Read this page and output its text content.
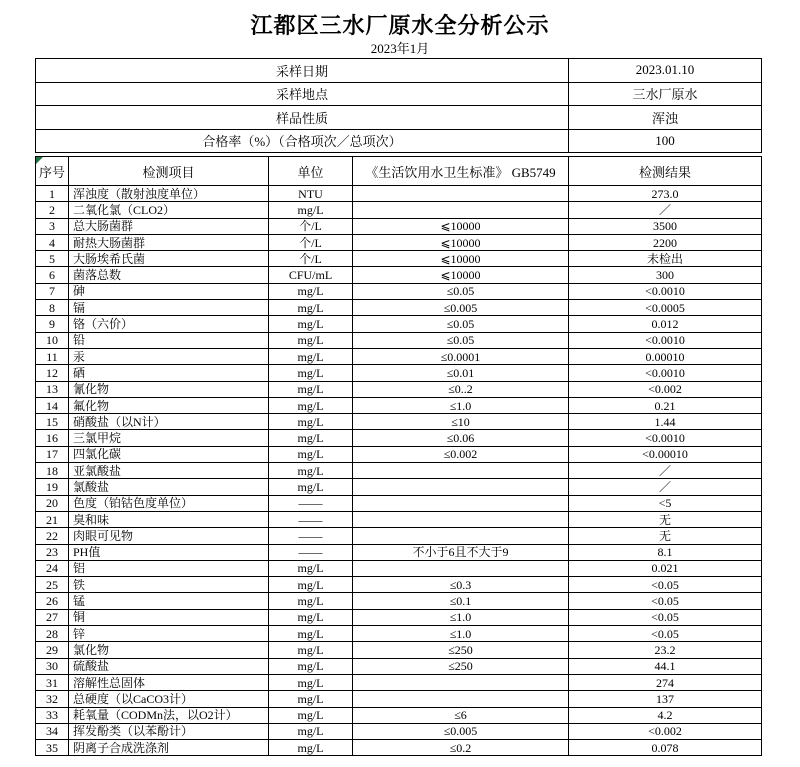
江都区三水厂原水全分析公示
2023年1月
采样日期	2023.01.10
采样地点	三水厂原水
样品性质	浑浊
合格率（%）（合格项次／总项次）	100
序号	检测项目	单位	《生活饮用水卫生标准》 GB5749	检测结果
1	浑浊度（散射浊度单位）	NTU		273.0
2	二氧化氯（CLO2）	mg/L		／
3	总大肠菌群	个/L	⩽10000	3500
4	耐热大肠菌群	个/L	⩽10000	2200
5	大肠埃希氏菌	个/L	⩽10000	未检出
6	菌落总数	CFU/mL	⩽10000	300
7	砷	mg/L	≤0.05	<0.0010
8	镉	mg/L	≤0.005	<0.0005
9	铬（六价）	mg/L	≤0.05	0.012
10	铅	mg/L	≤0.05	<0.0010
11	汞	mg/L	≤0.0001	0.00010
12	硒	mg/L	≤0.01	<0.0010
13	氰化物	mg/L	≤0..2	<0.002
14	氟化物	mg/L	≤1.0	0.21
15	硝酸盐（以N计）	mg/L	≤10	1.44
16	三氯甲烷	mg/L	≤0.06	<0.0010
17	四氯化碳	mg/L	≤0.002	<0.00010
18	亚氯酸盐	mg/L		／
19	氯酸盐	mg/L		／
20	色度（铂钴色度单位）	——		<5
21	臭和味	——		无
22	肉眼可见物	——		无
23	PH值	——	不小于6且不大于9	8.1
24	铝	mg/L		0.021
25	铁	mg/L	≤0.3	<0.05
26	锰	mg/L	≤0.1	<0.05
27	铜	mg/L	≤1.0	<0.05
28	锌	mg/L	≤1.0	<0.05
29	氯化物	mg/L	≤250	23.2
30	硫酸盐	mg/L	≤250	44.1
31	溶解性总固体	mg/L		274
32	总硬度（以CaCO3计）	mg/L		137
33	耗氧量（CODMn法，以O2计）	mg/L	≤6	4.2
34	挥发酚类（以苯酚计）	mg/L	≤0.005	<0.002
35	阴离子合成洗涤剂	mg/L	≤0.2	0.078
